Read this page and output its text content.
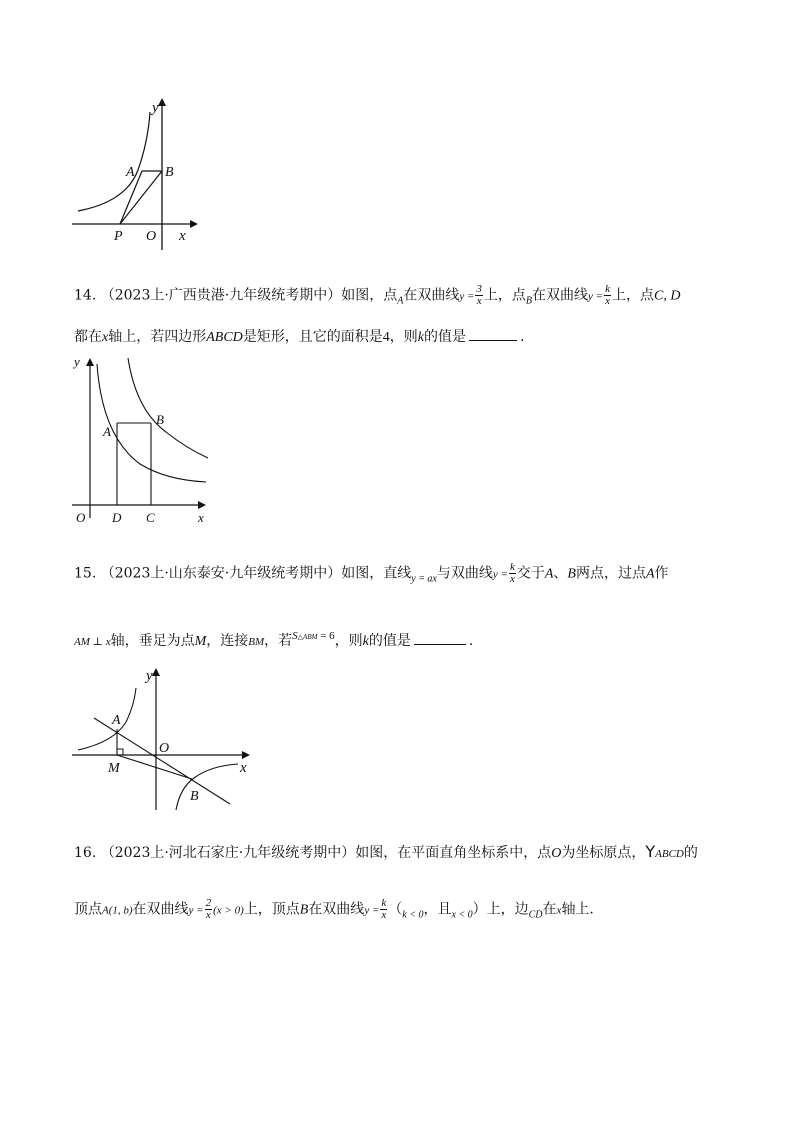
y
A B
P O x
14. （2023上·广西贵港·九年级统考期中）如图，点$_A$在双曲线$y = \frac{3}{x}$ 上，点$_B$在双曲线$y = \frac{k}{x}$ 上，点C, D
都在x轴上，若四边形ABCD是矩形，且它的面积是4，则k的值是	.
y
A
B
O D C	x
15. （2023上·山东泰安·九年级统考期中）如图，直线$_{y = ax}$与双曲线$y = \frac{k}{x}$ 交于A、B两点，过点A作
AM ⊥ x轴，垂足为点M，连接BM，若$^{S\triangle ABM = 6}$，则k的值是	.
y
A
O
M
B
x
16. （2023上·河北石家庄·九年级统考期中）如图，在平面直角坐标系中，点O为坐标原点，YABCD的
顶点A(1, b)在双曲线$y = \frac{2}{x} (x > 0)$上，顶点B在双曲线$y = \frac{k}{x} (_{k < 0}$，且$_{x < 0}$）上，边$_{CD}$在x轴上.
